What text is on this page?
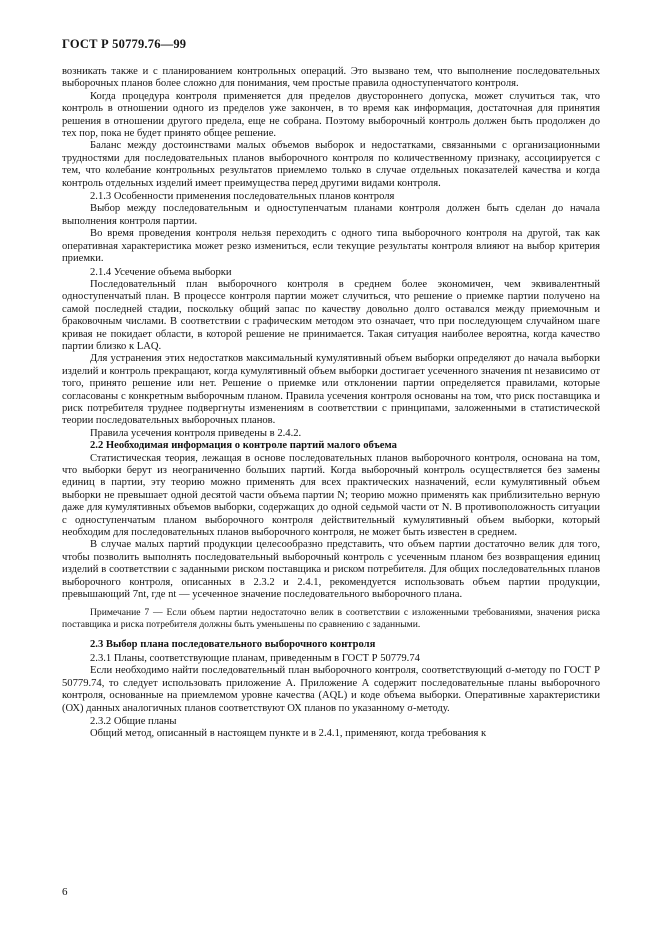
ГОСТ Р 50779.76—99

возникать также и с планированием контрольных операций. Это вызвано тем, что выполнение последовательных выборочных планов более сложно для понимания, чем простые правила одноступенчатого контроля.

Когда процедура контроля применяется для пределов двустороннего допуска, может случиться так, что контроль в отношении одного из пределов уже закончен, в то время как информация, достаточная для принятия решения в отношении другого предела, еще не собрана. Поэтому выборочный контроль должен быть продолжен до тех пор, пока не будет принято общее решение.

Баланс между достоинствами малых объемов выборок и недостатками, связанными с организационными трудностями для последовательных планов выборочного контроля по количественному признаку, ассоциируется с тем, что колебание контрольных результатов приемлемо только в случае отдельных показателей качества и когда контроль отдельных изделий имеет преимущества перед другими видами контроля.

2.1.3 Особенности применения последовательных планов контроля

Выбор между последовательным и одноступенчатым планами контроля должен быть сделан до начала выполнения контроля партии.

Во время проведения контроля нельзя переходить с одного типа выборочного контроля на другой, так как оперативная характеристика может резко измениться, если текущие результаты контроля влияют на выбор критерия приемки.

2.1.4 Усечение объема выборки

Последовательный план выборочного контроля в среднем более экономичен, чем эквивалентный одноступенчатый план. В процессе контроля партии может случиться, что решение о приемке партии получено на самой последней стадии, поскольку общий запас по качеству довольно долго оставался между приемочным и браковочным числами. В соответствии с графическим методом это означает, что при последующем случайном шаге кривая не покидает области, в которой решение не принимается. Такая ситуация наиболее вероятна, когда качество партии близко к LAQ.

Для устранения этих недостатков максимальный кумулятивный объем выборки определяют до начала выборки изделий и контроль прекращают, когда кумулятивный объем выборки достигает усеченного значения nt независимо от того, принято решение или нет. Решение о приемке или отклонении партии определяется правилами, которые согласованы с конкретным выборочным планом. Правила усечения контроля основаны на том, что риск поставщика и риск потребителя труднее подвергнуты изменениям в соответствии с принципами, заложенными в статистической теории последовательных выборочных планов.

Правила усечения контроля приведены в 2.4.2.

2.2 Необходимая информация о контроле партий малого объема

Статистическая теория, лежащая в основе последовательных планов выборочного контроля, основана на том, что выборки берут из неограниченно больших партий. Когда выборочный контроль осуществляется без замены единиц в партии, эту теорию можно применять для всех практических назначений, если кумулятивный объем выборки не превышает одной десятой части объема партии N; теорию можно применять как приблизительно верную даже для кумулятивных объемов выборки, содержащих до одной седьмой части от N. В противоположность ситуации с одноступенчатым планом выборочного контроля действительный кумулятивный объем выборки, который необходим для последовательных планов выборочного контроля, не может быть известен в среднем.

В случае малых партий продукции целесообразно представить, что объем партии достаточно велик для того, чтобы позволить выполнять последовательный выборочный контроль с усеченным планом без возвращения единиц изделий в соответствии с заданными риском поставщика и риском потребителя. Для общих последовательных планов выборочного контроля, описанных в 2.3.2 и 2.4.1, рекомендуется использовать объем партии продукции, превышающий 7nt, где nt — усеченное значение последовательного выборочного плана.

Примечание 7 — Если объем партии недостаточно велик в соответствии с изложенными требованиями, значения риска поставщика и риска потребителя должны быть уменьшены по сравнению с заданными.

2.3 Выбор плана последовательного выборочного контроля

2.3.1 Планы, соответствующие планам, приведенным в ГОСТ Р 50779.74

Если необходимо найти последовательный план выборочного контроля, соответствующий σ-методу по ГОСТ Р 50779.74, то следует использовать приложение А. Приложение А содержит последовательные планы выборочного контроля, основанные на приемлемом уровне качества (AQL) и коде объема выборки. Оперативные характеристики (ОХ) данных аналогичных планов соответствуют ОХ планов по указанному σ-методу.

2.3.2 Общие планы

Общий метод, описанный в настоящем пункте и в 2.4.1, применяют, когда требования к

6
